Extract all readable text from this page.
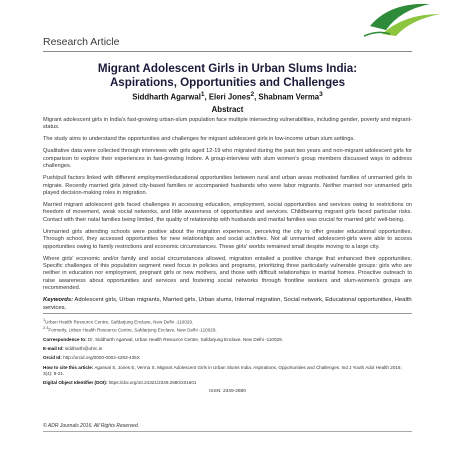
Research Article
Migrant Adolescent Girls in Urban Slums India:
Aspirations, Opportunities and Challenges
Siddharth Agarwal$^1$, Eleri Jones$^2$, Shabnam Verma$^3$
Abstract

Migrant adolescent girls in India's fast-growing urban-slum population face multiple intersecting vulnerabilities, including gender, poverty and migrant-status.

The study aims to understand the opportunities and challenges for migrant adolescent girls in low-income urban slum settings.

Qualitative data were collected through interviews with girls aged 12-19 who migrated during the past two years and non-migrant adolescent girls for comparison to explore their experiences in fast-growing Indore. A group-interview with slum women's group members discussed ways to address challenges.

Push/pull factors linked with different employment/educational opportunities between rural and urban areas motivated families of unmarried girls to migrate. Recently married girls joined city-based families or accompanied husbands who were labor migrants. Neither married nor unmarried girls played decision-making roles in migration.

Married migrant adolescent girls faced challenges in accessing education, employment, social opportunities and services owing to restrictions on freedom of movement, weak social networks, and little awareness of opportunities and services. Childbearing migrant girls faced particular risks. Contact with their natal families being limited, the quality of relationship with husbands and marital families was crucial for married girls' well-being.

Unmarried girls attending schools were positive about the migration experience, perceiving the city to offer greater educational opportunities. Through school, they accessed opportunities for new relationships and social activities. Not all unmarried adolescent-girls were able to access opportunities owing to family restrictions and economic circumstances. These girls' worlds remained small despite moving to a large city.

Where girls' economic and/or family and social circumstances allowed, migration entailed a positive change that enhanced their opportunities. Specific challenges of this population segment need focus in policies and programs, prioritizing three particularly vulnerable groups: girls who are neither in education nor employment, pregnant girls or new mothers, and those with difficult relationships in marital homes. Proactive outreach to raise awareness about opportunities and services and fostering social networks through frontline workers and slum-women's groups are recommended.

Keywords: Adolescent girls, Urban migrants, Married girls, Urban slums, Internal migration, Social network, Educational opportunities, Health services.

$^1$Urban Health Resource Centre, Safdarjung Enclave, New Delhi -110029.

$^{2,3}$Formerly, Urban Health Resource Centre, Safdarjung Enclave, New Delhi -110029.

Correspondence to: Dr. Siddharth Agarwal, Urban Health Resource Centre, Safdarjung Enclave, New Delhi -110029.

E-mail Id: siddharth@uhrc.in

Orcid Id: http://orcid.org/0000-0002-4293-435X

How to cite this article: Agarwal S, Jones E, Verma S. Migrant Adolescent Girls in Urban Slums India: Aspirations, Opportunities and Challenges. Ind J Youth Adol Health 2016; 3(4): 8-21.

Digital Object Identifier (DOI): https://doi.org/10.24321/2349.2880/201601

ISSN: 2349-2880
© ADR Journals 2016. All Rights Reserved.
